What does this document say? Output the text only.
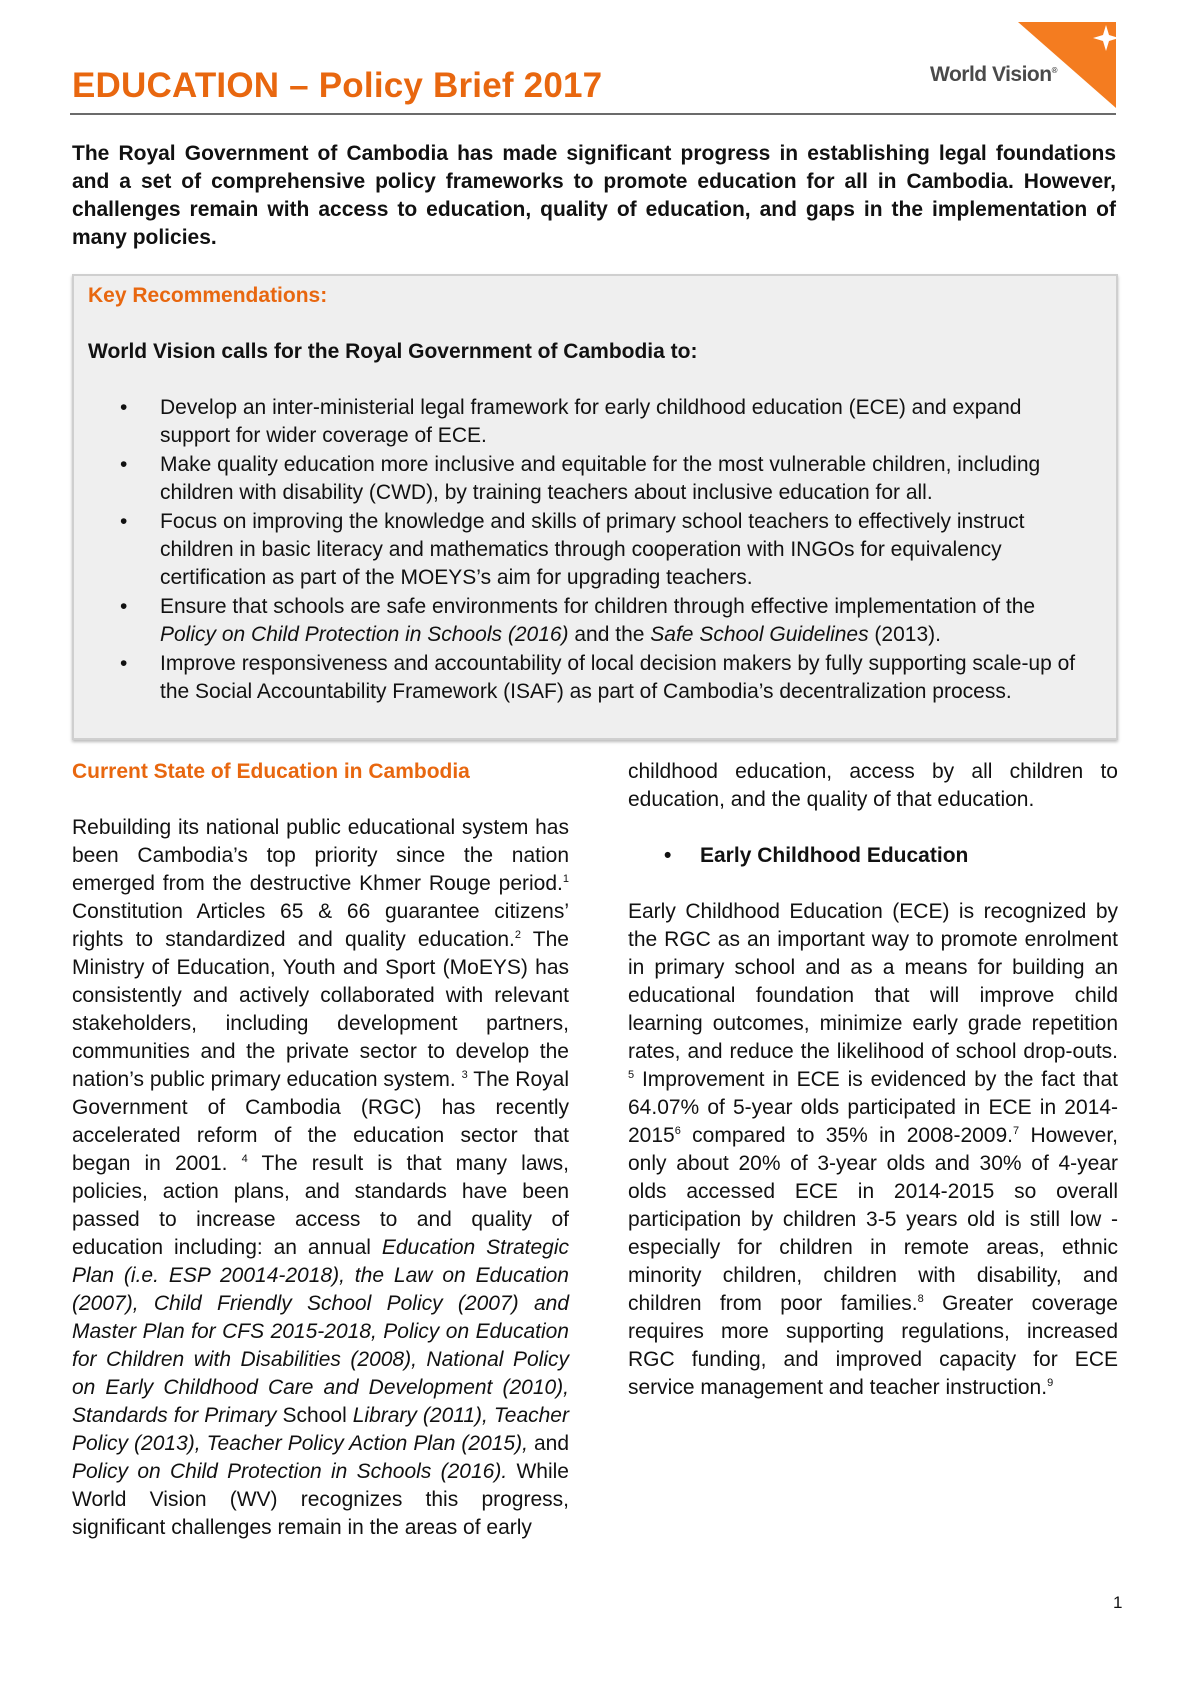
EDUCATION – Policy Brief 2017	World Vision®

The Royal Government of Cambodia has made significant progress in establishing legal foundations and a set of comprehensive policy frameworks to promote education for all in Cambodia. However, challenges remain with access to education, quality of education, and gaps in the implementation of many policies.

Key Recommendations:
World Vision calls for the Royal Government of Cambodia to:
• Develop an inter-ministerial legal framework for early childhood education (ECE) and expand support for wider coverage of ECE.
• Make quality education more inclusive and equitable for the most vulnerable children, including children with disability (CWD), by training teachers about inclusive education for all.
• Focus on improving the knowledge and skills of primary school teachers to effectively instruct children in basic literacy and mathematics through cooperation with INGOs for equivalency certification as part of the MOEYS’s aim for upgrading teachers.
• Ensure that schools are safe environments for children through effective implementation of the Policy on Child Protection in Schools (2016) and the Safe School Guidelines (2013).
• Improve responsiveness and accountability of local decision makers by fully supporting scale-up of the Social Accountability Framework (ISAF) as part of Cambodia’s decentralization process.
Current State of Education in Cambodia

Rebuilding its national public educational system has been Cambodia’s top priority since the nation emerged from the destructive Khmer Rouge period.$^1$ Constitution Articles 65 & 66 guarantee citizens’ rights to standardized and quality education.$^2$ The Ministry of Education, Youth and Sport (MoEYS) has consistently and actively collaborated with relevant stakeholders, including development partners, communities and the private sector to develop the nation’s public primary education system. $^3$ The Royal Government of Cambodia (RGC) has recently accelerated reform of the education sector that began in 2001. $^4$ The result is that many laws, policies, action plans, and standards have been passed to increase access to and quality of education including: an annual Education Strategic Plan (i.e. ESP 20014-2018), the Law on Education (2007), Child Friendly School Policy (2007) and Master Plan for CFS 2015-2018, Policy on Education for Children with Disabilities (2008), National Policy on Early Childhood Care and Development (2010), Standards for Primary School Library (2011), Teacher Policy (2013), Teacher Policy Action Plan (2015), and Policy on Child Protection in Schools (2016). While World Vision (WV) recognizes this progress, significant challenges remain in the areas of early

childhood education, access by all children to education, and the quality of that education.

• Early Childhood Education

Early Childhood Education (ECE) is recognized by the RGC as an important way to promote enrolment in primary school and as a means for building an educational foundation that will improve child learning outcomes, minimize early grade repetition rates, and reduce the likelihood of school drop-outs. $^5$ Improvement in ECE is evidenced by the fact that 64.07% of 5-year olds participated in ECE in 2014-2015$^6$ compared to 35% in 2008-2009.$^7$ However, only about 20% of 3-year olds and 30% of 4-year olds accessed ECE in 2014-2015 so overall participation by children 3-5 years old is still low - especially for children in remote areas, ethnic minority children, children with disability, and children from poor families.$^8$ Greater coverage requires more supporting regulations, increased RGC funding, and improved capacity for ECE service management and teacher instruction.$^9$

1
